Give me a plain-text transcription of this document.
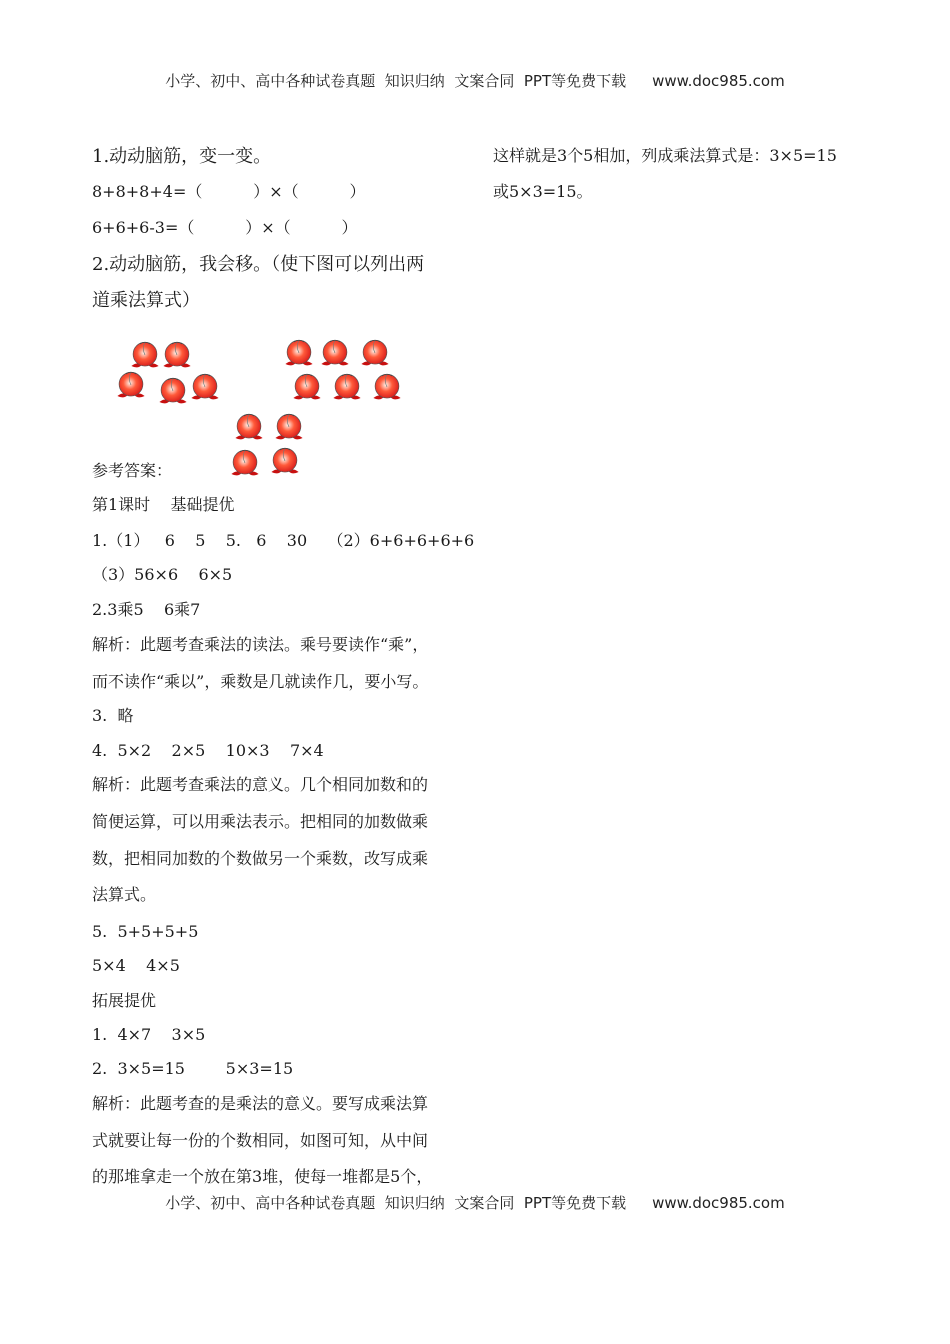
小学、初中、高中各种试卷真题  知识归纳  文案合同  PPT等免费下载 www.doc985.com
这样就是3个5相加，列成乘法算式是：3×5=15
或5×3=15。
1.动动脑筋，变一变。
8+8+8+4=（          ）×（          ）
6+6+6-3=（          ）×（          ）
2.动动脑筋，我会移。（使下图可以列出两
道乘法算式）
参考答案：
第1课时    基础提优
1.（1）   6    5    5.   6    30    （2）6+6+6+6+6
（3）56×6    6×5
2.3乘5    6乘7
解析：此题考查乘法的读法。乘号要读作“乘”，
而不读作“乘以”，乘数是几就读作几，要小写。
3.  略
4.  5×2    2×5    10×3    7×4
解析：此题考查乘法的意义。几个相同加数和的
简便运算，可以用乘法表示。把相同的加数做乘
数，把相同加数的个数做另一个乘数，改写成乘
法算式。
5.  5+5+5+5
5×4    4×5
拓展提优
1.  4×7    3×5
2.  3×5=15        5×3=15
解析：此题考查的是乘法的意义。要写成乘法算
式就要让每一份的个数相同，如图可知，从中间
的那堆拿走一个放在第3堆，使每一堆都是5个，
小学、初中、高中各种试卷真题  知识归纳  文案合同  PPT等免费下载 www.doc985.com
